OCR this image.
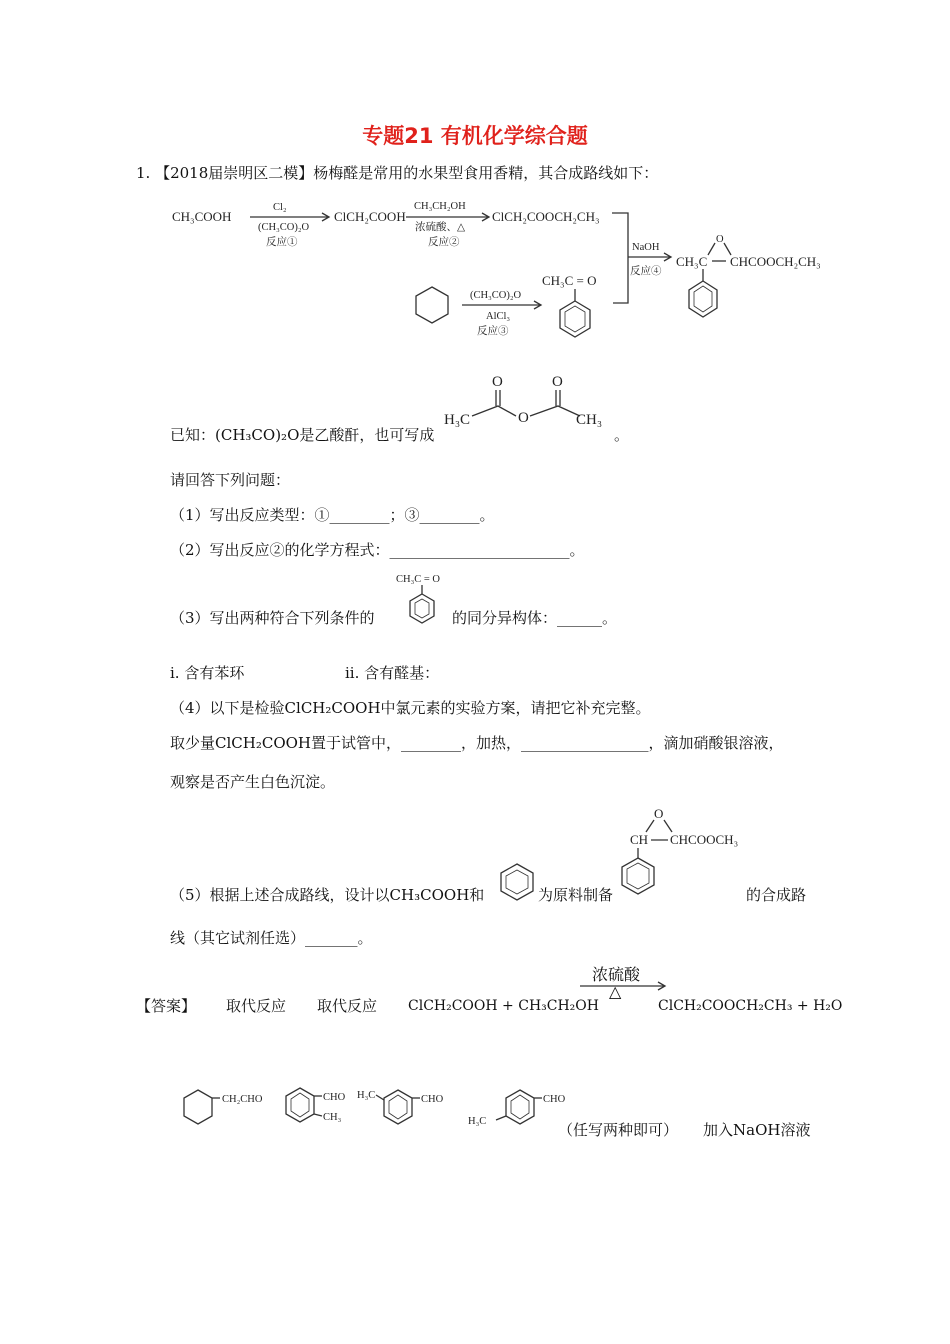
专题21 有机化学综合题
1. 【2018届崇明区二模】杨梅醛是常用的水果型食用香精，其合成路线如下：
CH₃COOH
Cl₂
(CH₃CO)₂O
反应①
ClCH₂COOH
CH₃CH₂OH
浓硫酸、△
反应②
ClCH₂COOCH₂CH₃
(CH₃CO)₂O
AlCl₃
反应③
CH₃C = O
NaOH
反应④
O
CH₃C CHCOOCH₂CH₃
已知：(CH₃CO)₂O是乙酸酐，也可写成
O	O
H₃C	O	CH₃
。
请回答下列问题：
（1）写出反应类型：①________；③________。
（2）写出反应②的化学方程式：________________________。
（3）写出两种符合下列条件的
CH₃C = O
的同分异构体：______。
i. 含有苯环	ii. 含有醛基：
（4）以下是检验ClCH₂COOH中氯元素的实验方案，请把它补充完整。
取少量ClCH₂COOH置于试管中，________，加热，_________________，滴加硝酸银溶液，
观察是否产生白色沉淀。
（5）根据上述合成路线，设计以CH₃COOH和	为原料制备
O
CH CHCOOCH₃
的合成路
线（其它试剂任选）_______。
【答案】 取代反应 取代反应 ClCH₂COOH + CH₃CH₂OH
浓硫酸
△
ClCH₂COOCH₂CH₃ + H₂O
CH₂CHO	CHO
CH₃
H₃C	CHO	CHO
H₃C	（任写两种即可） 加入NaOH溶液
